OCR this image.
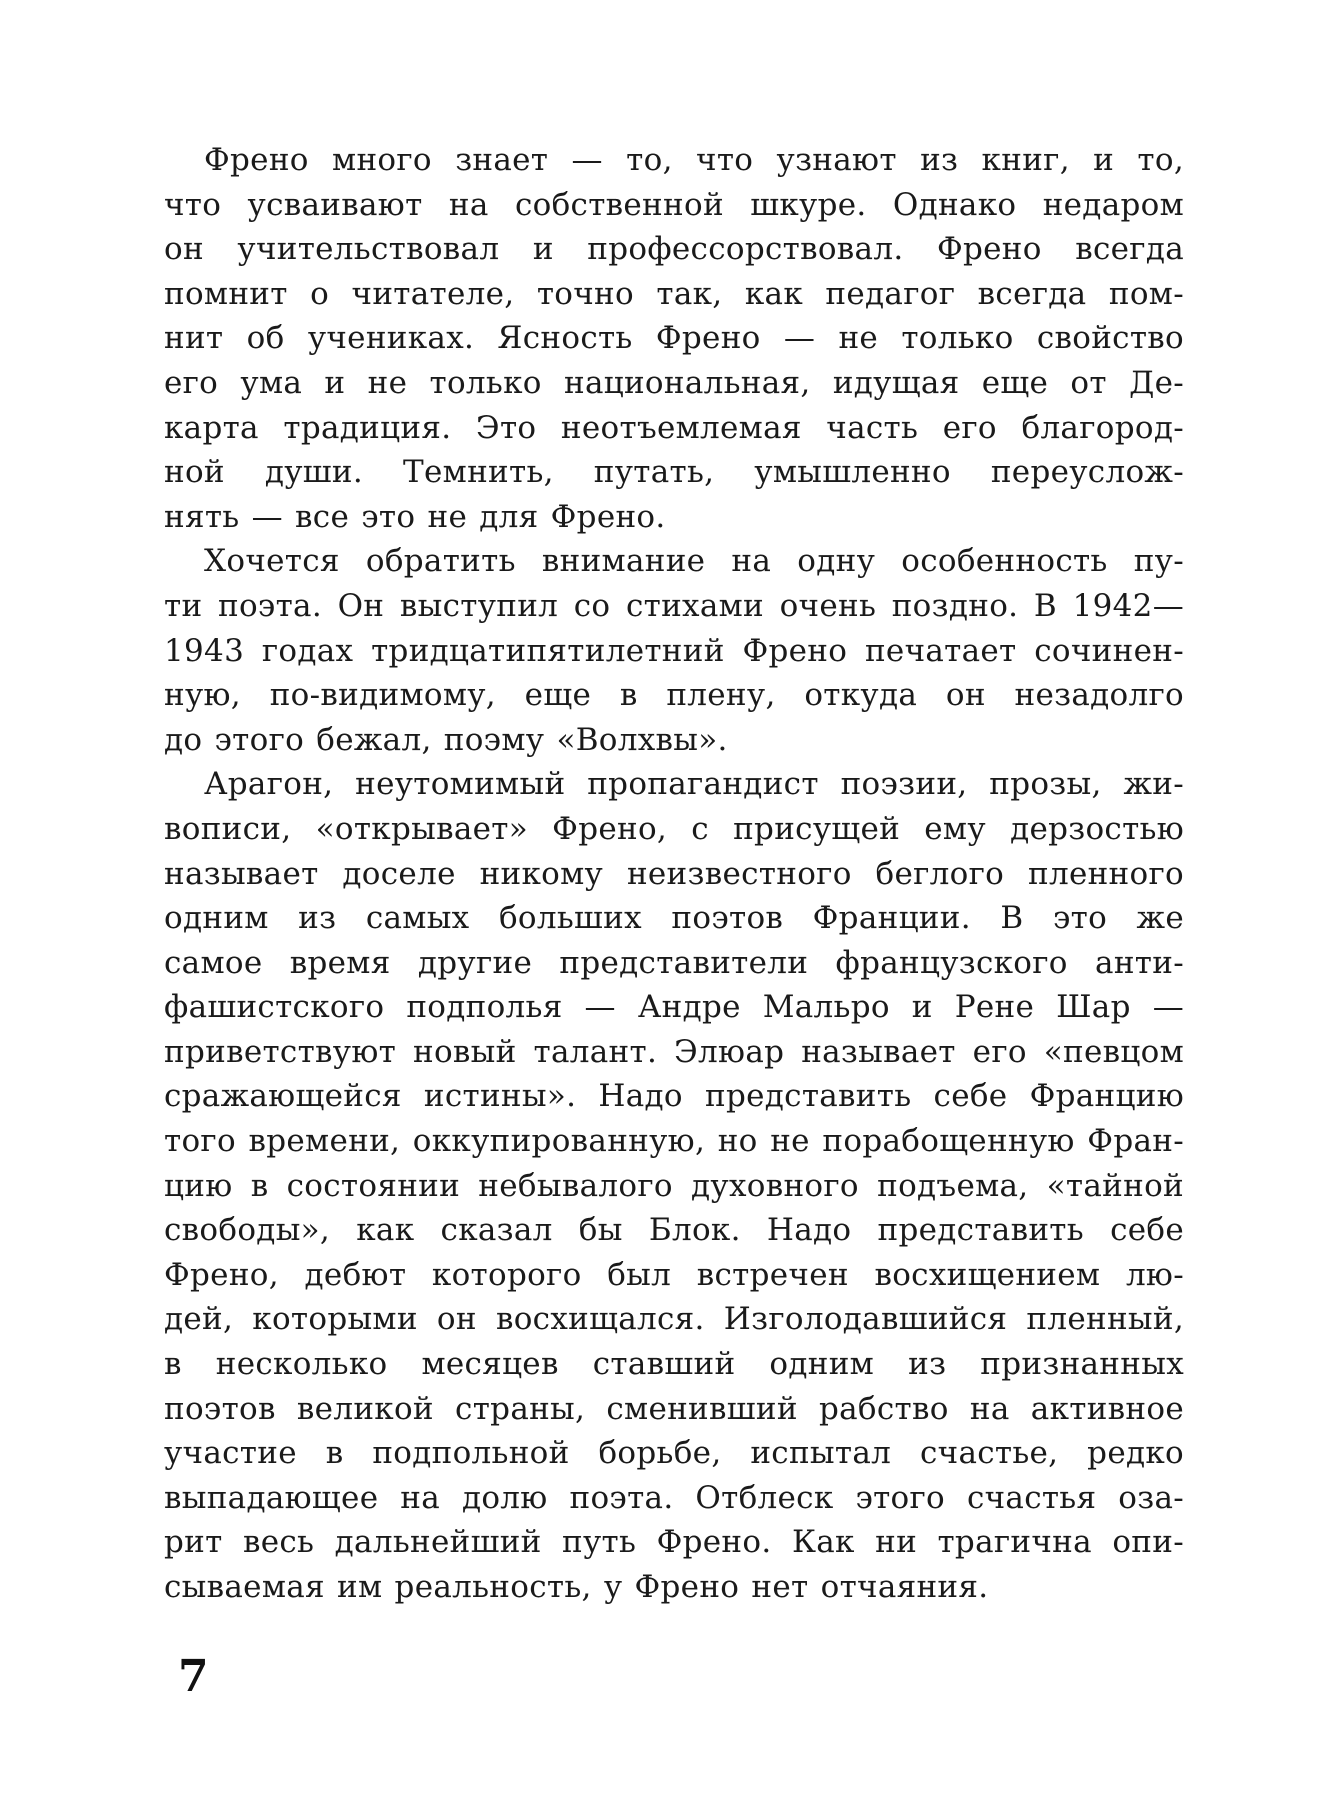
Френо много знает — то, что узнают из книг, и то,
что усваивают на собственной шкуре. Однако недаром
он учительствовал и профессорствовал. Френо всегда
помнит о читателе, точно так, как педагог всегда пом-
нит об учениках. Ясность Френо — не только свойство
его ума и не только национальная, идущая еще от Де-
карта традиция. Это неотъемлемая часть его благород-
ной души. Темнить, путать, умышленно переуслож-
нять — все это не для Френо.
Хочется обратить внимание на одну особенность пу-
ти поэта. Он выступил со стихами очень поздно. В 1942—
1943 годах тридцатипятилетний Френо печатает сочинен-
ную, по-видимому, еще в плену, откуда он незадолго
до этого бежал, поэму «Волхвы».
Арагон, неутомимый пропагандист поэзии, прозы, жи-
вописи, «открывает» Френо, с присущей ему дерзостью
называет доселе никому неизвестного беглого пленного
одним из самых больших поэтов Франции. В это же
самое время другие представители французского анти-
фашистского подполья — Андре Мальро и Рене Шар —
приветствуют новый талант. Элюар называет его «певцом
сражающейся истины». Надо представить себе Францию
того времени, оккупированную, но не порабощенную Фран-
цию в состоянии небывалого духовного подъема, «тайной
свободы», как сказал бы Блок. Надо представить себе
Френо, дебют которого был встречен восхищением лю-
дей, которыми он восхищался. Изголодавшийся пленный,
в несколько месяцев ставший одним из признанных
поэтов великой страны, сменивший рабство на активное
участие в подпольной борьбе, испытал счастье, редко
выпадающее на долю поэта. Отблеск этого счастья оза-
рит весь дальнейший путь Френо. Как ни трагична опи-
сываемая им реальность, у Френо нет отчаяния.
7
